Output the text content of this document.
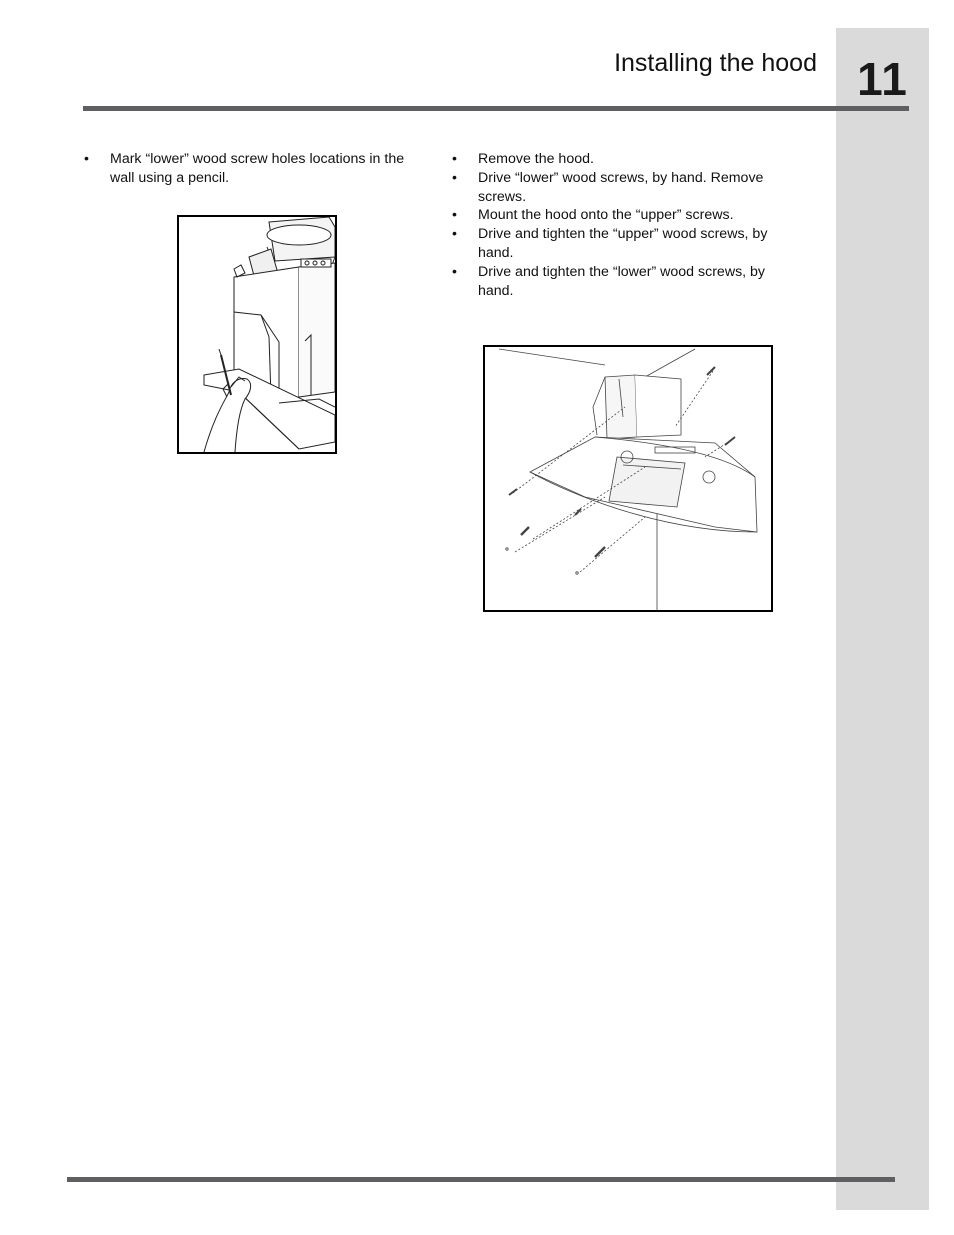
11
Installing the hood
• Mark “lower” wood screw holes locations in the wall using a pencil.
• Remove the hood.
• Drive “lower” wood screws, by hand. Remove screws.
• Mount the hood onto the “upper” screws.
• Drive and tighten the “upper” wood screws, by hand.
• Drive and tighten the “lower” wood screws, by hand.
